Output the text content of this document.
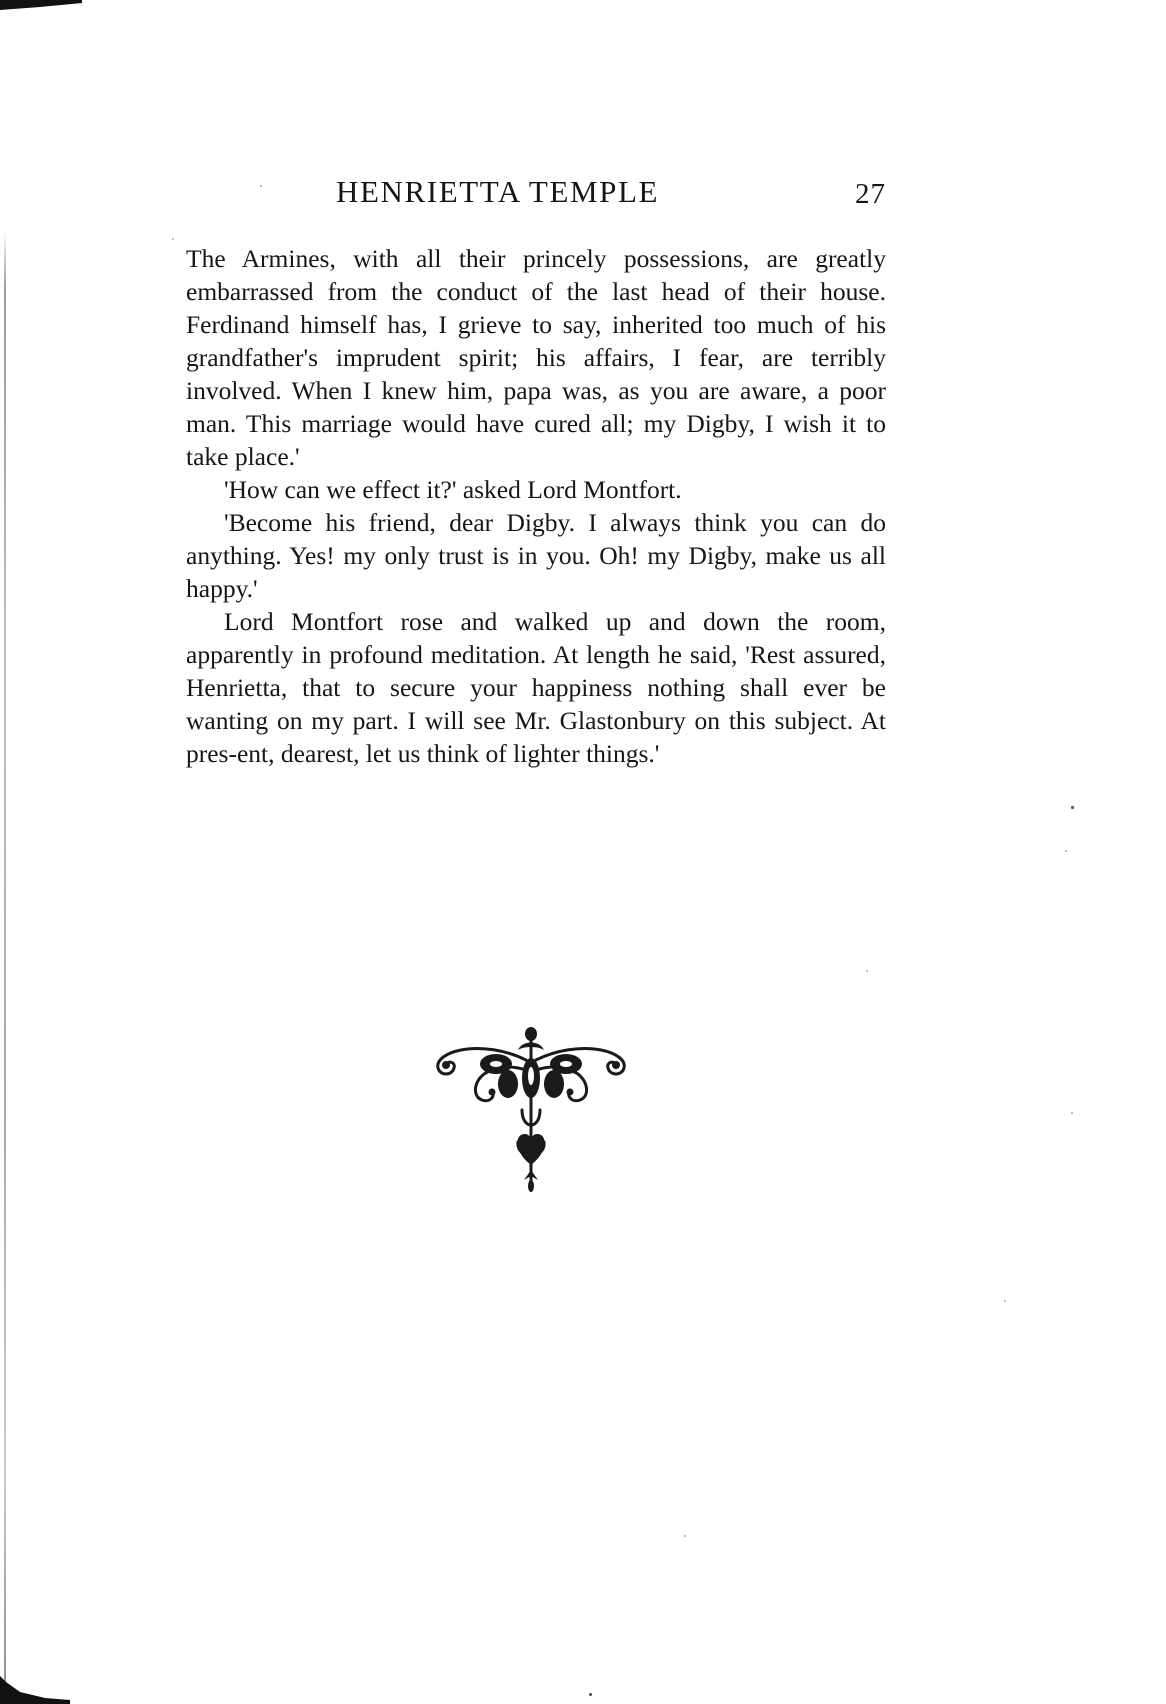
HENRIETTA TEMPLE	27

The Armines, with all their princely possessions, are greatly embarrassed from the conduct of the last head of their house. Ferdinand himself has, I grieve to say, inherited too much of his grandfather's imprudent spirit; his affairs, I fear, are terribly involved. When I knew him, papa was, as you are aware, a poor man. This marriage would have cured all; my Digby, I wish it to take place.'

'How can we effect it?' asked Lord Montfort.

'Become his friend, dear Digby. I always think you can do anything. Yes! my only trust is in you. Oh! my Digby, make us all happy.'

Lord Montfort rose and walked up and down the room, apparently in profound meditation. At length he said, 'Rest assured, Henrietta, that to secure your happiness nothing shall ever be wanting on my part. I will see Mr. Glastonbury on this subject. At pres-ent, dearest, let us think of lighter things.'
